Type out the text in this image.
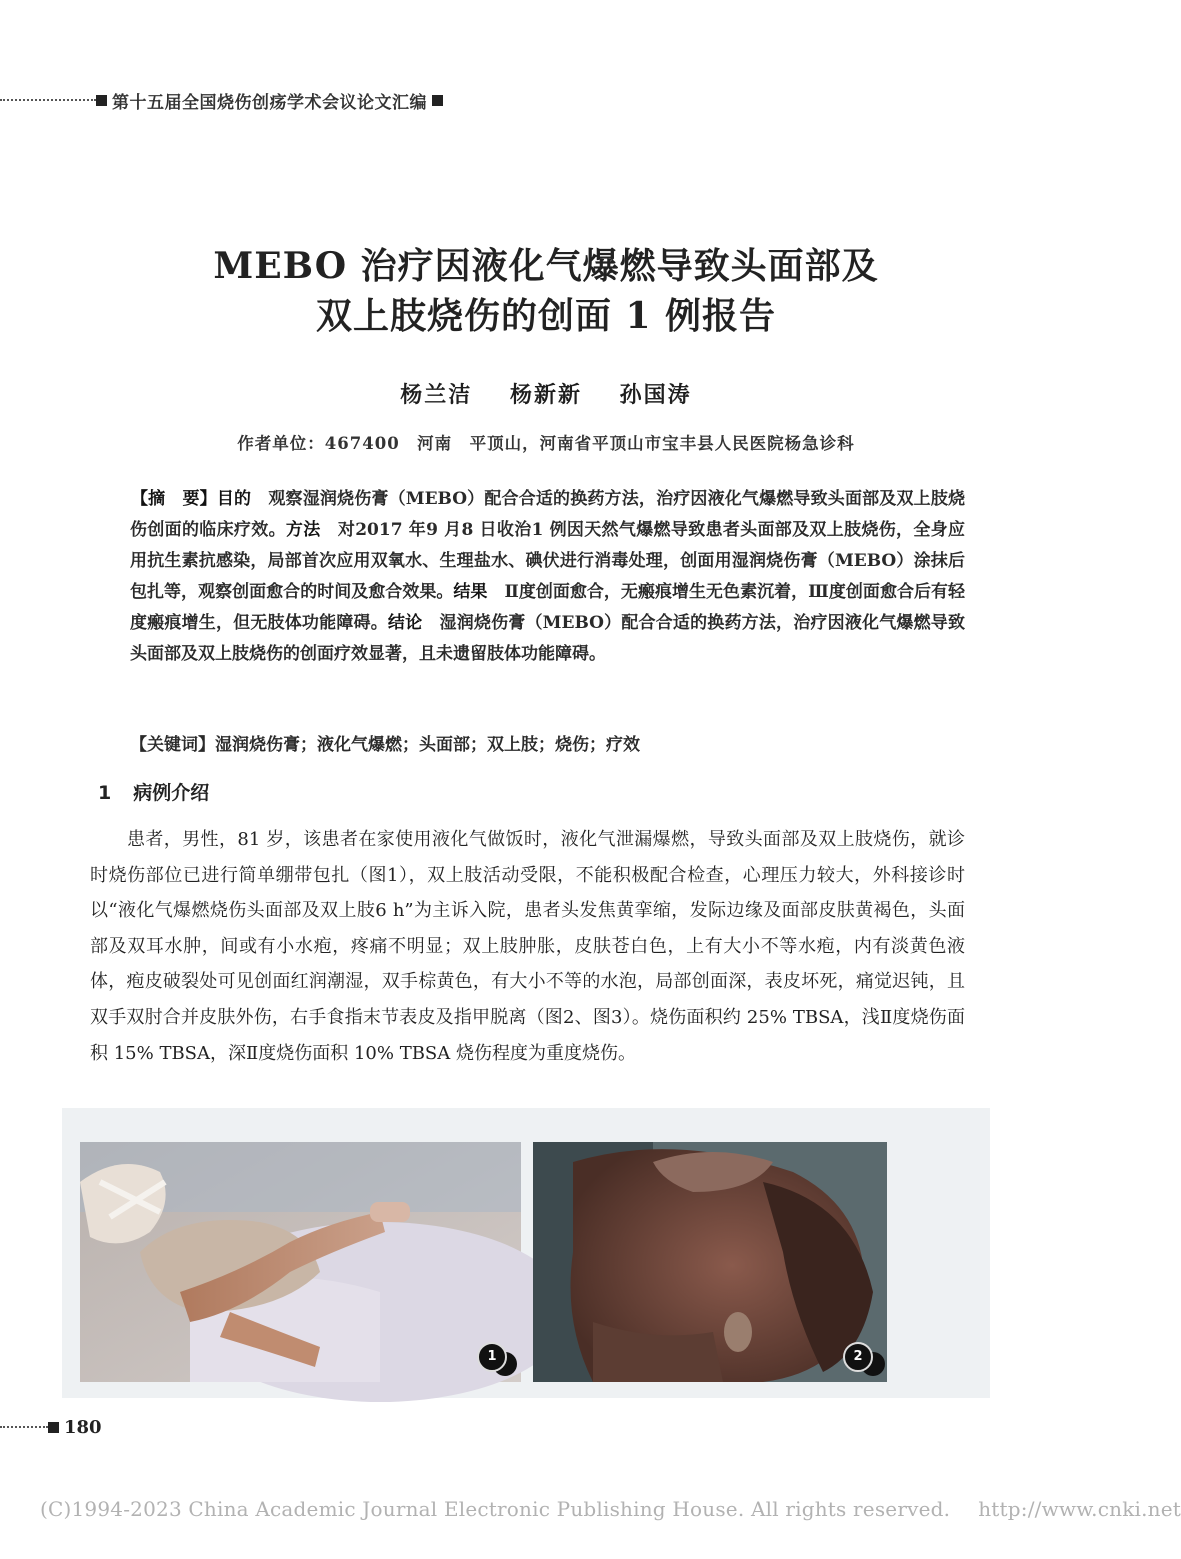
第十五届全国烧伤创疡学术会议论文汇编
MEBO 治疗因液化气爆燃导致头面部及
双上肢烧伤的创面 1 例报告
杨兰洁 杨新新 孙国涛
作者单位：467400　河南　平顶山，河南省平顶山市宝丰县人民医院杨急诊科
【摘　要】目的　 观察湿润烧伤膏（MEBO）配合合适的换药方法，治疗因液化气爆燃导致头面部及双上肢烧伤创面的临床疗效。方法　 对2017 年9 月8 日收治1 例因天然气爆燃导致患者头面部及双上肢烧伤，全身应用抗生素抗感染，局部首次应用双氧水、生理盐水、碘伏进行消毒处理，创面用湿润烧伤膏（MEBO）涂抹后包扎等，观察创面愈合的时间及愈合效果。结果　 Ⅱ度创面愈合，无瘢痕增生无色素沉着，Ⅲ度创面愈合后有轻度瘢痕增生，但无肢体功能障碍。结论　 湿润烧伤膏（MEBO）配合合适的换药方法，治疗因液化气爆燃导致头面部及双上肢烧伤的创面疗效显著，且未遗留肢体功能障碍。
【关键词】湿润烧伤膏；液化气爆燃；头面部；双上肢；烧伤；疗效
1 病例介绍
患者，男性，81 岁，该患者在家使用液化气做饭时，液化气泄漏爆燃，导致头面部及双上肢烧伤，就诊时烧伤部位已进行简单绷带包扎（图1），双上肢活动受限，不能积极配合检查，心理压力较大，外科接诊时以“液化气爆燃烧伤头面部及双上肢6 h”为主诉入院，患者头发焦黄挛缩，发际边缘及面部皮肤黄褐色，头面部及双耳水肿，间或有小水疱，疼痛不明显；双上肢肿胀，皮肤苍白色，上有大小不等水疱，内有淡黄色液体，疱皮破裂处可见创面红润潮湿，双手棕黄色，有大小不等的水泡，局部创面深，表皮坏死，痛觉迟钝，且双手双肘合并皮肤外伤，右手食指末节表皮及指甲脱离（图2、图3）。烧伤面积约 25% TBSA，浅Ⅱ度烧伤面积 15% TBSA，深Ⅱ度烧伤面积 10% TBSA 烧伤程度为重度烧伤。
1	2
180
(C)1994-2023 China Academic Journal Electronic Publishing House. All rights reserved. http://www.cnki.net
